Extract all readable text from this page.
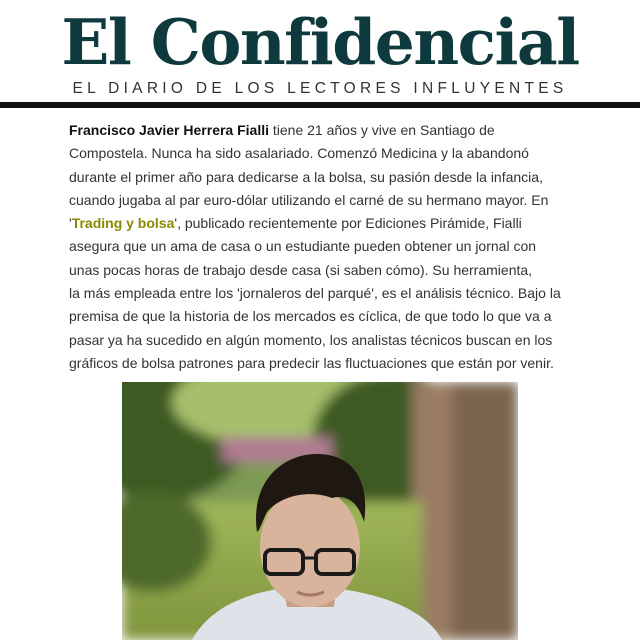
El Confidencial
EL DIARIO DE LOS LECTORES INFLUYENTES
Francisco Javier Herrera Fialli tiene 21 años y vive en Santiago de
Compostela. Nunca ha sido asalariado. Comenzó Medicina y la abandonó
durante el primer año para dedicarse a la bolsa, su pasión desde la infancia,
cuando jugaba al par euro-dólar utilizando el carné de su hermano mayor. En
'Trading y bolsa', publicado recientemente por Ediciones Pirámide, Fialli
asegura que un ama de casa o un estudiante pueden obtener un jornal con
unas pocas horas de trabajo desde casa (si saben cómo). Su herramienta,
la más empleada entre los 'jornaleros del parqué', es el análisis técnico. Bajo la
premisa de que la historia de los mercados es cíclica, de que todo lo que va a
pasar ya ha sucedido en algún momento, los analistas técnicos buscan en los
gráficos de bolsa patrones para predecir las fluctuaciones que están por venir.
